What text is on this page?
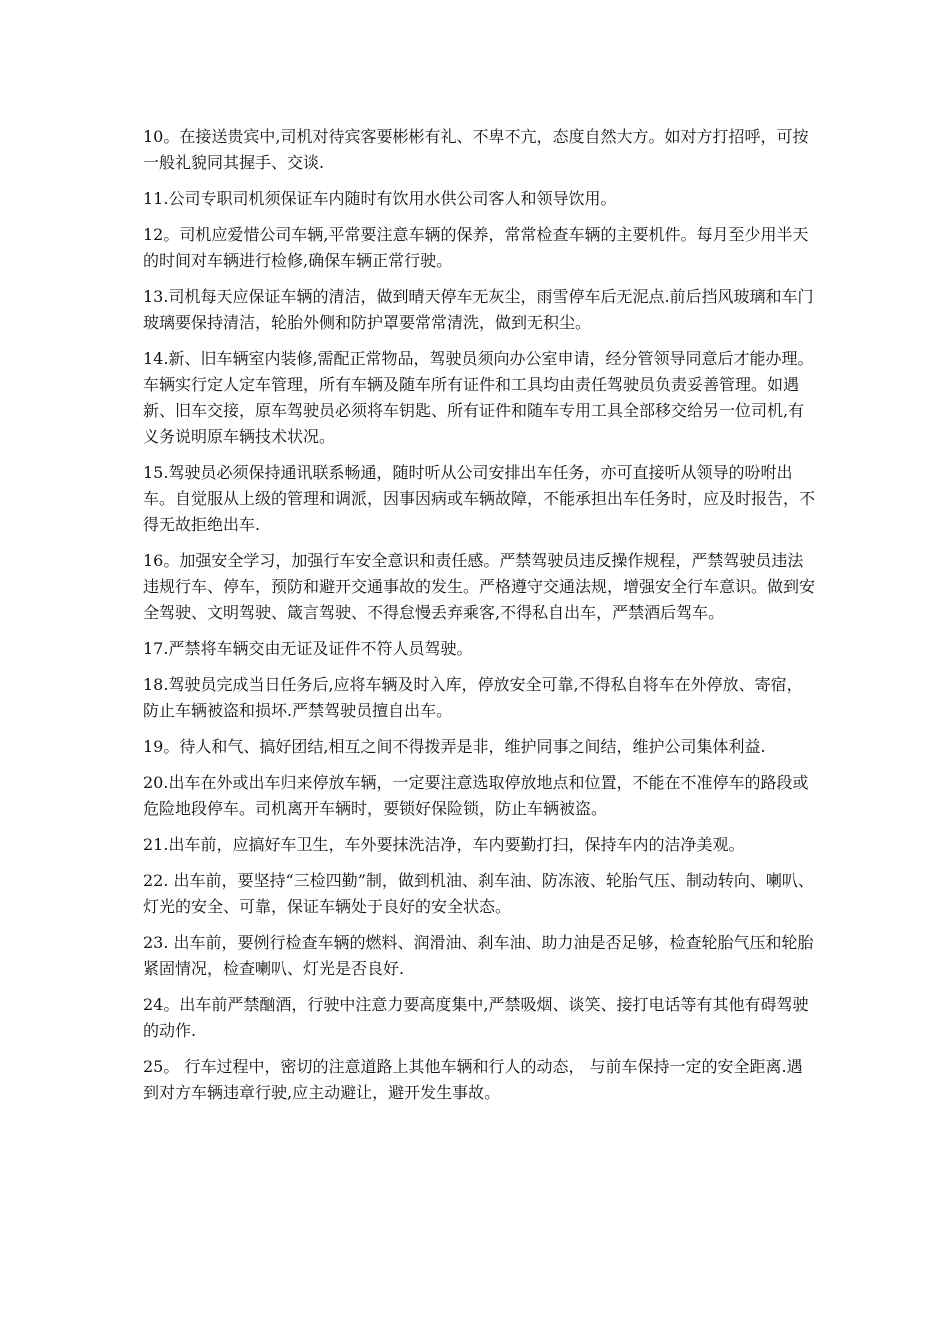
10。在接送贵宾中,司机对待宾客要彬彬有礼、不卑不亢，态度自然大方。如对方打招呼，可按一般礼貌同其握手、交谈.

11.公司专职司机须保证车内随时有饮用水供公司客人和领导饮用。

12。司机应爱惜公司车辆,平常要注意车辆的保养，常常检查车辆的主要机件。每月至少用半天的时间对车辆进行检修,确保车辆正常行驶。

13.司机每天应保证车辆的清洁，做到晴天停车无灰尘，雨雪停车后无泥点.前后挡风玻璃和车门玻璃要保持清洁，轮胎外侧和防护罩要常常清洗，做到无积尘。

14.新、旧车辆室内装修,需配正常物品，驾驶员须向办公室申请，经分管领导同意后才能办理。车辆实行定人定车管理，所有车辆及随车所有证件和工具均由责任驾驶员负责妥善管理。如遇新、旧车交接，原车驾驶员必须将车钥匙、所有证件和随车专用工具全部移交给另一位司机,有义务说明原车辆技术状况。

15.驾驶员必须保持通讯联系畅通，随时听从公司安排出车任务，亦可直接听从领导的吩咐出车。自觉服从上级的管理和调派，因事因病或车辆故障，不能承担出车任务时，应及时报告，不得无故拒绝出车.

16。加强安全学习，加强行车安全意识和责任感。严禁驾驶员违反操作规程，严禁驾驶员违法违规行车、停车，预防和避开交通事故的发生。严格遵守交通法规，增强安全行车意识。做到安全驾驶、文明驾驶、箴言驾驶、不得怠慢丢弃乘客,不得私自出车，严禁酒后驾车。

17.严禁将车辆交由无证及证件不符人员驾驶。

18.驾驶员完成当日任务后,应将车辆及时入库，停放安全可靠,不得私自将车在外停放、寄宿，防止车辆被盗和损坏.严禁驾驶员擅自出车。

19。待人和气、搞好团结,相互之间不得拨弄是非，维护同事之间结，维护公司集体利益.

20.出车在外或出车归来停放车辆，一定要注意选取停放地点和位置，不能在不准停车的路段或危险地段停车。司机离开车辆时，要锁好保险锁，防止车辆被盗。

21.出车前，应搞好车卫生，车外要抹洗洁净，车内要勤打扫，保持车内的洁净美观。

22. 出车前，要坚持“三检四勤”制，做到机油、刹车油、防冻液、轮胎气压、制动转向、喇叭、灯光的安全、可靠，保证车辆处于良好的安全状态。

23. 出车前，要例行检查车辆的燃料、润滑油、刹车油、助力油是否足够，检查轮胎气压和轮胎紧固情况，检查喇叭、灯光是否良好.

24。出车前严禁酗酒，行驶中注意力要高度集中,严禁吸烟、谈笑、接打电话等有其他有碍驾驶的动作.

25。 行车过程中，密切的注意道路上其他车辆和行人的动态， 与前车保持一定的安全距离.遇到对方车辆违章行驶,应主动避让，避开发生事故。
